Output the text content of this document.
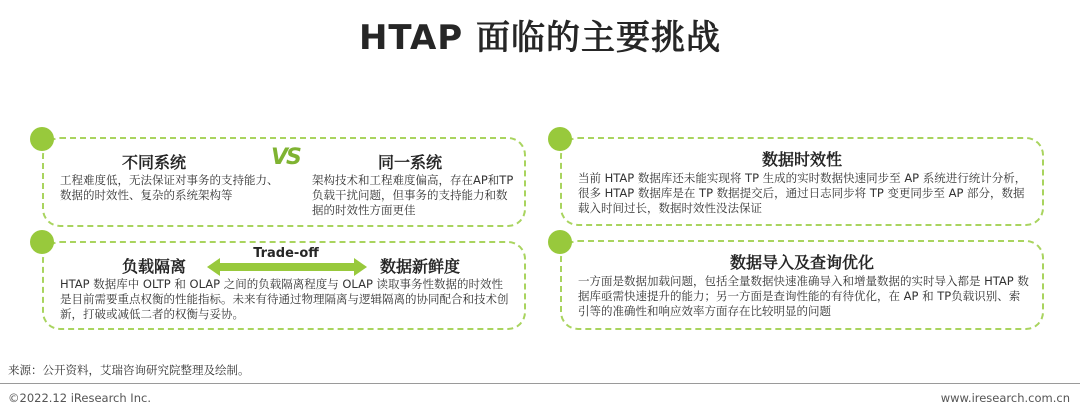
HTAP 面临的主要挑战
不同系统
工程难度低，无法保证对事务的支持能力、数据的时效性、复杂的系统架构等
同一系统
架构技术和工程难度偏高，存在AP和TP负载干扰问题，但事务的支持能力和数据的时效性方面更佳
VS
负载隔离	数据新鲜度
HTAP 数据库中 OLTP 和 OLAP 之间的负载隔离程度与 OLAP 读取事务性数据的时效性是目前需要重点权衡的性能指标。未来有待通过物理隔离与逻辑隔离的协同配合和技术创新，打破或减低二者的权衡与妥协。
Trade-off
数据时效性
当前 HTAP 数据库还未能实现将 TP 生成的实时数据快速同步至 AP 系统进行统计分析，很多 HTAP 数据库是在 TP 数据提交后，通过日志同步将 TP 变更同步至 AP 部分，数据载入时间过长，数据时效性没法保证
数据导入及查询优化
一方面是数据加载问题，包括全量数据快速准确导入和增量数据的实时导入都是 HTAP 数据库亟需快速提升的能力；另一方面是查询性能的有待优化，在 AP 和 TP负载识别、索引等的准确性和响应效率方面存在比较明显的问题
来源：公开资料，艾瑞咨询研究院整理及绘制。
©2022.12 iResearch Inc.	www.iresearch.com.cn
